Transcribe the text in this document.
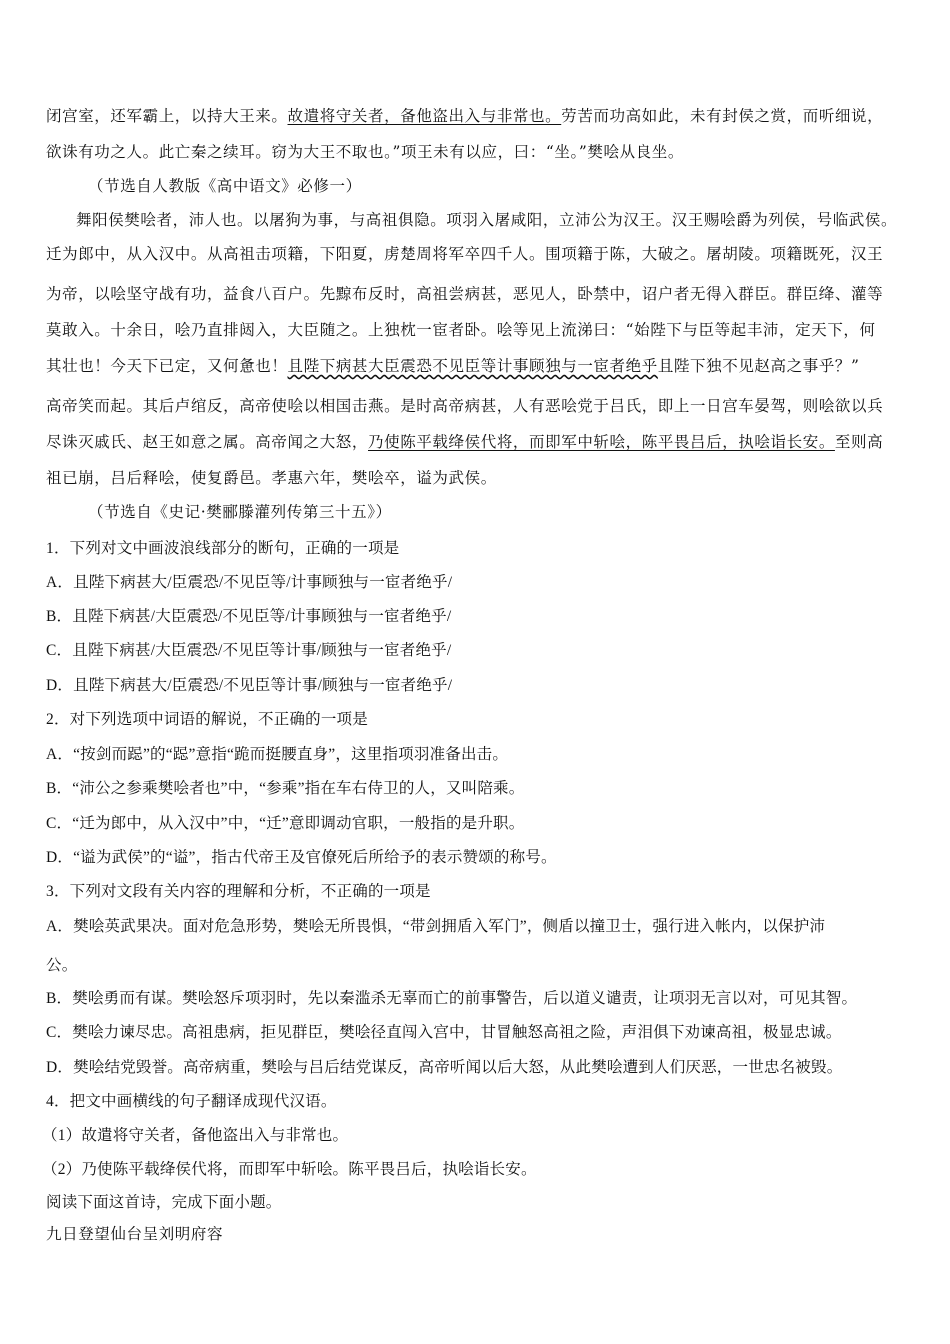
闭宫室，还军霸上，以持大王来。故遣将守关者，备他盗出入与非常也。劳苦而功高如此，未有封侯之赏，而听细说，
欲诛有功之人。此亡秦之续耳。窃为大王不取也。”项王未有以应，曰：“坐。”樊哙从良坐。
（节选自人教版《高中语文》必修一）
舞阳侯樊哙者，沛人也。以屠狗为事，与高祖俱隐。项羽入屠咸阳，立沛公为汉王。汉王赐哙爵为列侯，号临武侯。
迁为郎中，从入汉中。从高祖击项籍，下阳夏，虏楚周将军卒四千人。围项籍于陈，大破之。屠胡陵。项籍既死，汉王
为帝，以哙坚守战有功，益食八百户。先黥布反时，高祖尝病甚，恶见人，卧禁中，诏户者无得入群臣。群臣绛、灌等
莫敢入。十余日，哙乃直排闼入，大臣随之。上独枕一宦者卧。哙等见上流涕曰：“始陛下与臣等起丰沛，定天下，何
其壮也！今天下已定，又何惫也！且陛下病甚大臣震恐不见臣等计事顾独与一宦者绝乎且陛下独不见赵高之事乎？”
高帝笑而起。其后卢绾反，高帝使哙以相国击燕。是时高帝病甚，人有恶哙党于吕氏，即上一日宫车晏驾，则哙欲以兵
尽诛灭戚氏、赵王如意之属。高帝闻之大怒，乃使陈平载绛侯代将，而即军中斩哙，陈平畏吕后，执哙诣长安。至则高
祖已崩，吕后释哙，使复爵邑。孝惠六年，樊哙卒，谥为武侯。
（节选自《史记·樊郦滕灌列传第三十五》）
1．下列对文中画波浪线部分的断句，正确的一项是
A．且陛下病甚大/臣震恐/不见臣等/计事顾独与一宦者绝乎/
B．且陛下病甚/大臣震恐/不见臣等/计事顾独与一宦者绝乎/
C．且陛下病甚/大臣震恐/不见臣等计事/顾独与一宦者绝乎/
D．且陛下病甚大/臣震恐/不见臣等计事/顾独与一宦者绝乎/
2．对下列选项中词语的解说，不正确的一项是
A．“按剑而跽”的“跽”意指“跪而挺腰直身”，这里指项羽准备出击。
B．“沛公之参乘樊哙者也”中，“参乘”指在车右侍卫的人，又叫陪乘。
C．“迁为郎中，从入汉中”中，“迁”意即调动官职，一般指的是升职。
D．“谥为武侯”的“谥”，指古代帝王及官僚死后所给予的表示赞颂的称号。
3．下列对文段有关内容的理解和分析，不正确的一项是
A．樊哙英武果决。面对危急形势，樊哙无所畏惧，“带剑拥盾入军门”，侧盾以撞卫士，强行进入帐内，以保护沛
公。
B．樊哙勇而有谋。樊哙怒斥项羽时，先以秦滥杀无辜而亡的前事警告，后以道义谴责，让项羽无言以对，可见其智。
C．樊哙力谏尽忠。高祖患病，拒见群臣，樊哙径直闯入宫中，甘冒触怒高祖之险，声泪俱下劝谏高祖，极显忠诚。
D．樊哙结党毁誉。高帝病重，樊哙与吕后结党谋反，高帝听闻以后大怒，从此樊哙遭到人们厌恶，一世忠名被毁。
4．把文中画横线的句子翻译成现代汉语。
（1）故遣将守关者，备他盗出入与非常也。
（2）乃使陈平载绛侯代将，而即军中斩哙。陈平畏吕后，执哙诣长安。
阅读下面这首诗，完成下面小题。
九日登望仙台呈刘明府容
